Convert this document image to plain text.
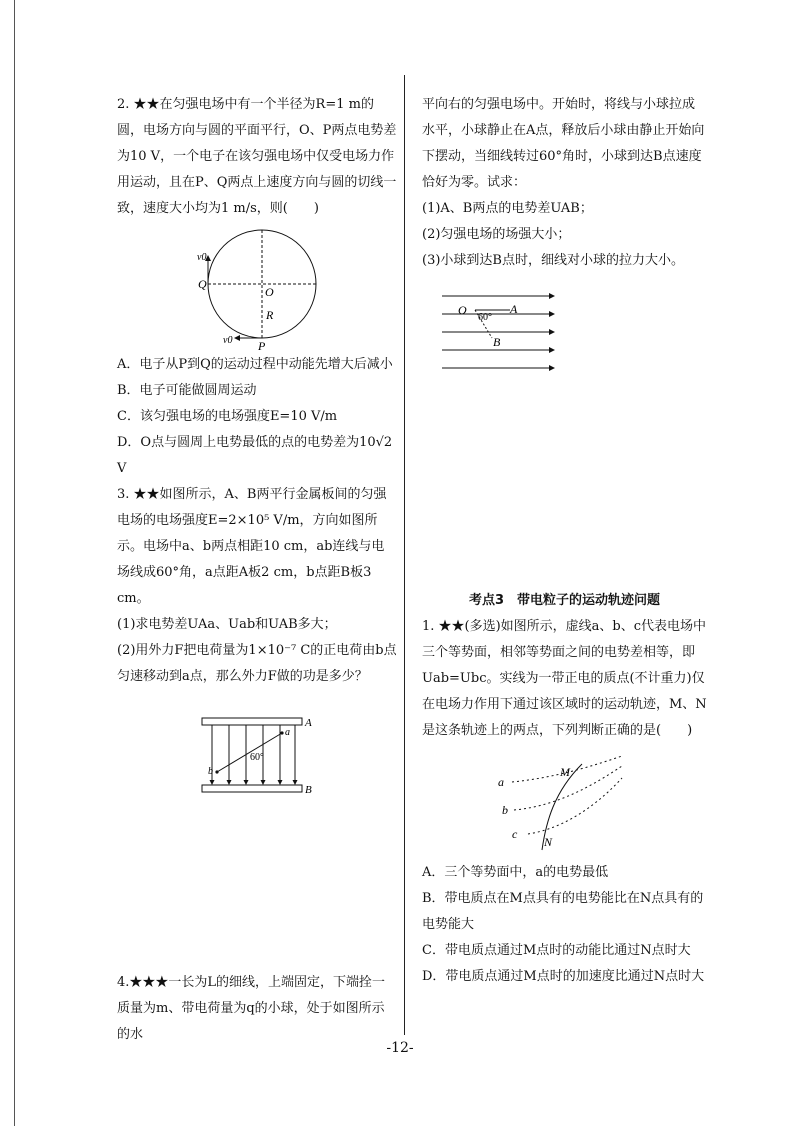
2. ★★在匀强电场中有一个半径为R=1 m的圆，电场方向与圆的平面平行，O、P两点电势差为10 V，一个电子在该匀强电场中仅受电场力作用运动，且在P、Q两点上速度方向与圆的切线一致，速度大小均为1 m/s，则(　　)

v0
Q
O
R
v0 P

A．电子从P到Q的运动过程中动能先增大后减小

B．电子可能做圆周运动

C．该匀强电场的电场强度E=10 V/m

D．O点与圆周上电势最低的点的电势差为10√2 V

3. ★★如图所示，A、B两平行金属板间的匀强电场的电场强度E=2×10⁵ V/m，方向如图所示。电场中a、b两点相距10 cm，ab连线与电场线成60°角，a点距A板2 cm，b点距B板3 cm。

(1)求电势差UAa、Uab和UAB多大；

(2)用外力F把电荷量为1×10⁻⁷ C的正电荷由b点匀速移动到a点，那么外力F做的功是多少？

a
b
60°
A
B

4.★★★一长为L的细线，上端固定，下端拴一质量为m、带电荷量为q的小球，处于如图所示的水

平向右的匀强电场中。开始时，将线与小球拉成水平，小球静止在A点，释放后小球由静止开始向下摆动，当细线转过60°角时，小球到达B点速度恰好为零。试求：

(1)A、B两点的电势差UAB；

(2)匀强电场的场强大小；

(3)小球到达B点时，细线对小球的拉力大小。

O
60°
A
B

考点3　带电粒子的运动轨迹问题

1. ★★(多选)如图所示，虚线a、b、c代表电场中三个等势面，相邻等势面之间的电势差相等，即Uab=Ubc。实线为一带正电的质点(不计重力)仅在电场力作用下通过该区域时的运动轨迹，M、N是这条轨迹上的两点，下列判断正确的是(　　)

a
b
c
M
N

A．三个等势面中，a的电势最低

B．带电质点在M点具有的电势能比在N点具有的电势能大

C．带电质点通过M点时的动能比通过N点时大

D．带电质点通过M点时的加速度比通过N点时大

-12-
